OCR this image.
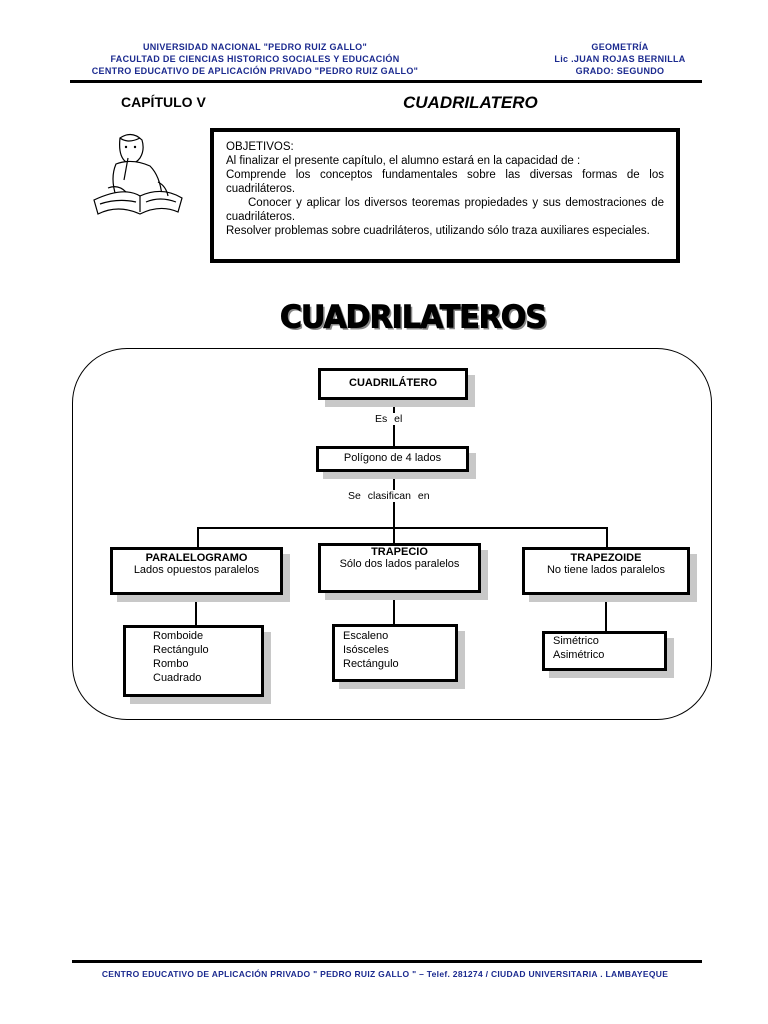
UNIVERSIDAD NACIONAL "PEDRO RUIZ GALLO"
FACULTAD DE CIENCIAS HISTORICO SOCIALES Y EDUCACIÓN
CENTRO EDUCATIVO DE APLICACIÓN PRIVADO "PEDRO RUIZ GALLO"
GEOMETRÍA
Lic .JUAN ROJAS BERNILLA
GRADO: SEGUNDO
CAPÍTULO V	CUADRILATERO

OBJETIVOS:

Al finalizar el presente capítulo, el alumno estará en la capacidad de :

Comprende los conceptos fundamentales sobre las diversas formas de los cuadriláteros.

Conocer y aplicar los diversos teoremas propiedades y sus demostraciones de cuadriláteros.

Resolver problemas sobre cuadriláteros, utilizando sólo traza auxiliares especiales.

CUADRILATEROS
Es el
Se clasifican en
CUADRILÁTERO
Polígono de 4 lados
PARALELOGRAMO
Lados opuestos paralelos
TRAPECIO
Sólo dos lados paralelos	TRAPEZOIDE
No tiene lados paralelos
Romboide
Rectángulo
Rombo
Cuadrado
Escaleno
Isósceles
Rectángulo
Simétrico
Asimétrico
CENTRO EDUCATIVO DE APLICACIÓN PRIVADO " PEDRO RUIZ GALLO " – Telef. 281274 / CIUDAD UNIVERSITARIA . LAMBAYEQUE
